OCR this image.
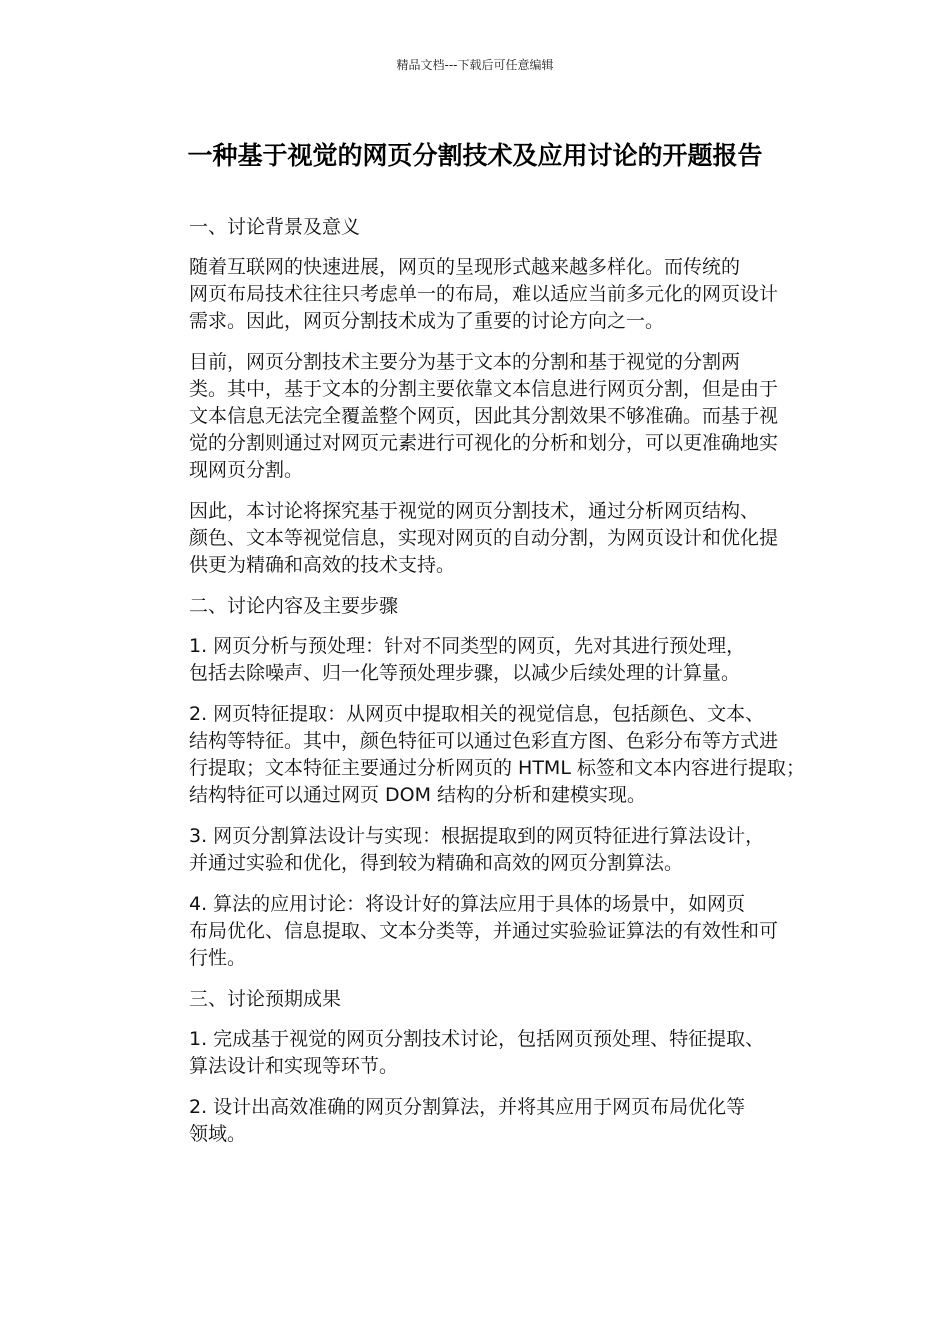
精品文档---下载后可任意编辑
一种基于视觉的网页分割技术及应用讨论的开题报告

一、讨论背景及意义

随着互联网的快速进展，网页的呈现形式越来越多样化。而传统的
网页布局技术往往只考虑单一的布局，难以适应当前多元化的网页设计
需求。因此，网页分割技术成为了重要的讨论方向之一。

目前，网页分割技术主要分为基于文本的分割和基于视觉的分割两
类。其中，基于文本的分割主要依靠文本信息进行网页分割，但是由于
文本信息无法完全覆盖整个网页，因此其分割效果不够准确。而基于视
觉的分割则通过对网页元素进行可视化的分析和划分，可以更准确地实
现网页分割。

因此，本讨论将探究基于视觉的网页分割技术，通过分析网页结构、
颜色、文本等视觉信息，实现对网页的自动分割，为网页设计和优化提
供更为精确和高效的技术支持。

二、讨论内容及主要步骤

1. 网页分析与预处理：针对不同类型的网页，先对其进行预处理，
包括去除噪声、归一化等预处理步骤，以减少后续处理的计算量。

2. 网页特征提取：从网页中提取相关的视觉信息，包括颜色、文本、
结构等特征。其中，颜色特征可以通过色彩直方图、色彩分布等方式进
行提取；文本特征主要通过分析网页的 HTML 标签和文本内容进行提取；
结构特征可以通过网页 DOM 结构的分析和建模实现。

3. 网页分割算法设计与实现：根据提取到的网页特征进行算法设计，
并通过实验和优化，得到较为精确和高效的网页分割算法。

4. 算法的应用讨论：将设计好的算法应用于具体的场景中，如网页
布局优化、信息提取、文本分类等，并通过实验验证算法的有效性和可
行性。

三、讨论预期成果

1. 完成基于视觉的网页分割技术讨论，包括网页预处理、特征提取、
算法设计和实现等环节。

2. 设计出高效准确的网页分割算法，并将其应用于网页布局优化等
领域。
